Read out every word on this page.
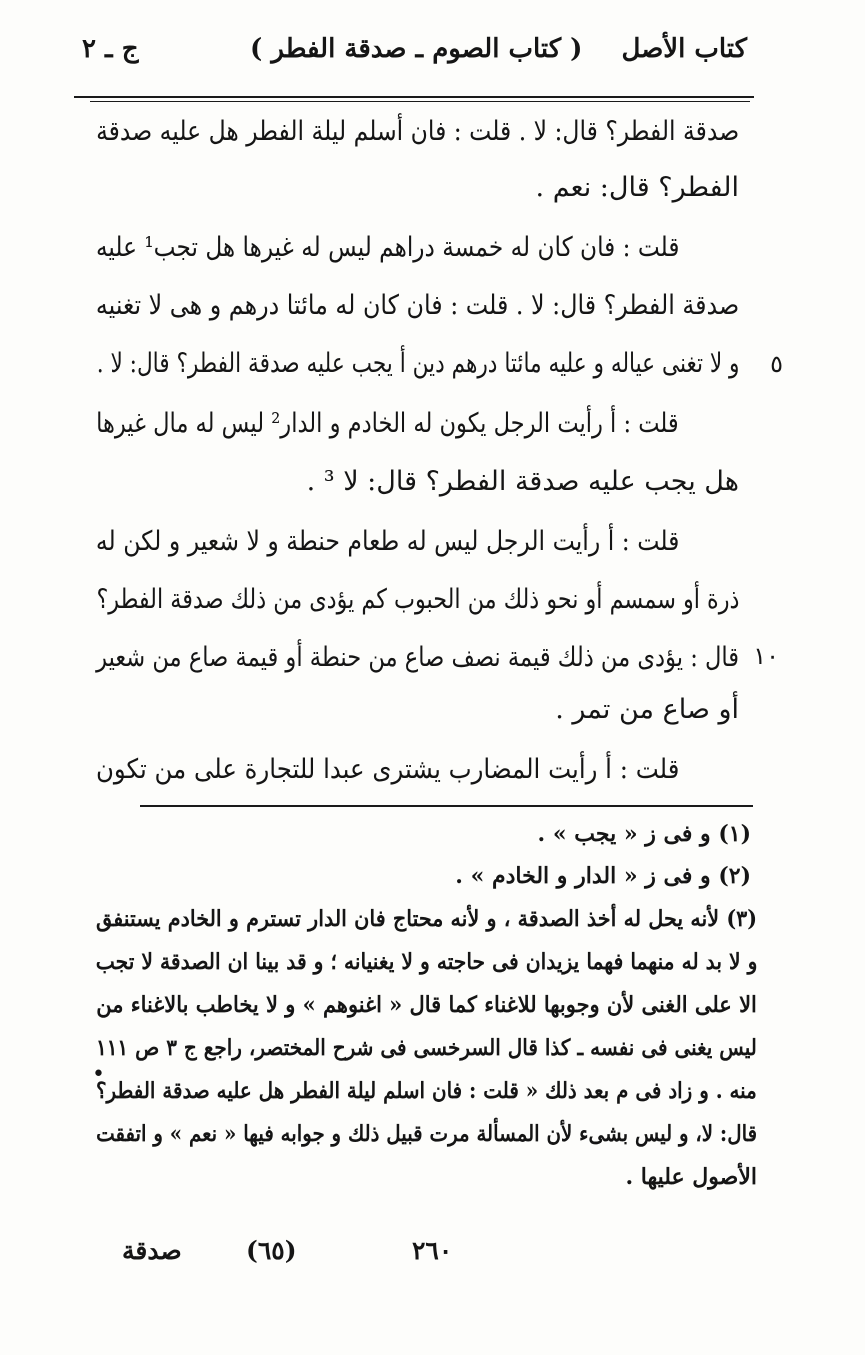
كتاب الأصل
( كتاب الصوم ـ صدقة الفطر )
ج ـ ٢
صدقة الفطر؟ قال: لا . قلت : فان أسلم ليلة الفطر هل عليه صدقة
الفطر؟ قال: نعم .
قلت : فان كان له خمسة دراهم ليس له غيرها هل تجب¹ عليه
صدقة الفطر؟ قال: لا . قلت : فان كان له مائتا درهم و هى لا تغنيه
و لا تغنى عياله و عليه مائتا درهم دين أ يجب عليه صدقة الفطر؟ قال: لا .
قلت : أ رأيت الرجل يكون له الخادم و الدار² ليس له مال غيرها
هل يجب عليه صدقة الفطر؟ قال: لا ³ .
قلت : أ رأيت الرجل ليس له طعام حنطة و لا شعير و لكن له
ذرة أو سمسم أو نحو ذلك من الحبوب كم يؤدى من ذلك صدقة الفطر؟
قال : يؤدى من ذلك قيمة نصف صاع من حنطة أو قيمة صاع من شعير
أو صاع من تمر .
قلت : أ رأيت المضارب يشترى عبدا للتجارة على من تكون
٥
١٠
(١) و فى ز « يجب » .
(٢) و فى ز « الدار و الخادم » .
(٣) لأنه يحل له أخذ الصدقة ، و لأنه محتاج فان الدار تسترم و الخادم يستنفق
و لا بد له منهما فهما يزيدان فى حاجته و لا يغنيانه ؛ و قد بينا ان الصدقة لا تجب
الا على الغنى لأن وجوبها للاغناء كما قال « اغنوهم » و لا يخاطب بالاغناء من
ليس يغنى فى نفسه ـ كذا قال السرخسى فى شرح المختصر، راجع ج ٣ ص ١١١
منه . و زاد فى م بعد ذلك « قلت : فان اسلم ليلة الفطر هل عليه صدقة الفطر؟
قال: لا، و ليس بشىء لأن المسألة مرت قبيل ذلك و جوابه فيها « نعم » و اتفقت
الأصول عليها .
•
صدقة	(٦٥)	٢٦٠
